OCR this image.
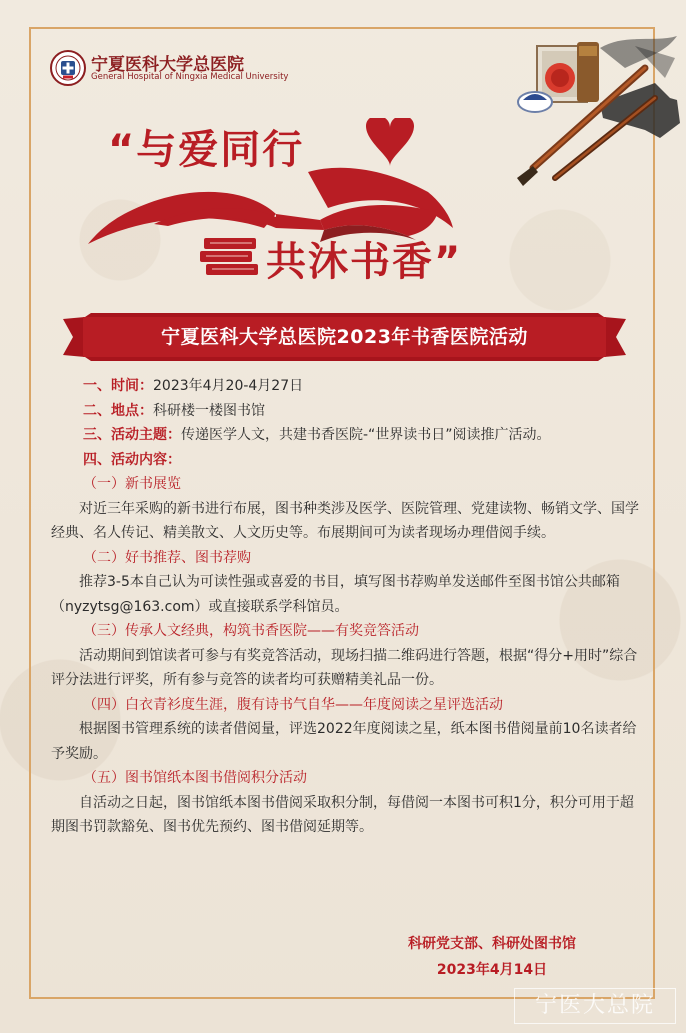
宁夏医科大学总医院
General Hospital of Ningxia Medical University
“与爱同行
共沐书香”
宁夏医科大学总医院2023年书香医院活动

一、时间：2023年4月20-4月27日

二、地点：科研楼一楼图书馆

三、活动主题：传递医学人文，共建书香医院-“世界读书日”阅读推广活动。

四、活动内容：

（一）新书展览

对近三年采购的新书进行布展，图书种类涉及医学、医院管理、党建读物、畅销文学、国学经典、名人传记、精美散文、人文历史等。布展期间可为读者现场办理借阅手续。

（二）好书推荐、图书荐购

推荐3-5本自己认为可读性强或喜爱的书目，填写图书荐购单发送邮件至图书馆公共邮箱（nyzytsg@163.com）或直接联系学科馆员。

（三）传承人文经典，构筑书香医院——有奖竞答活动

活动期间到馆读者可参与有奖竞答活动，现场扫描二维码进行答题，根据“得分+用时”综合评分法进行评奖，所有参与竞答的读者均可获赠精美礼品一份。

（四）白衣青衫度生涯，腹有诗书气自华——年度阅读之星评选活动

根据图书管理系统的读者借阅量，评选2022年度阅读之星，纸本图书借阅量前10名读者给予奖励。

（五）图书馆纸本图书借阅积分活动

自活动之日起，图书馆纸本图书借阅采取积分制，每借阅一本图书可积1分，积分可用于超期图书罚款豁免、图书优先预约、图书借阅延期等。

科研党支部、科研处图书馆
2023年4月14日
宁医大总院
